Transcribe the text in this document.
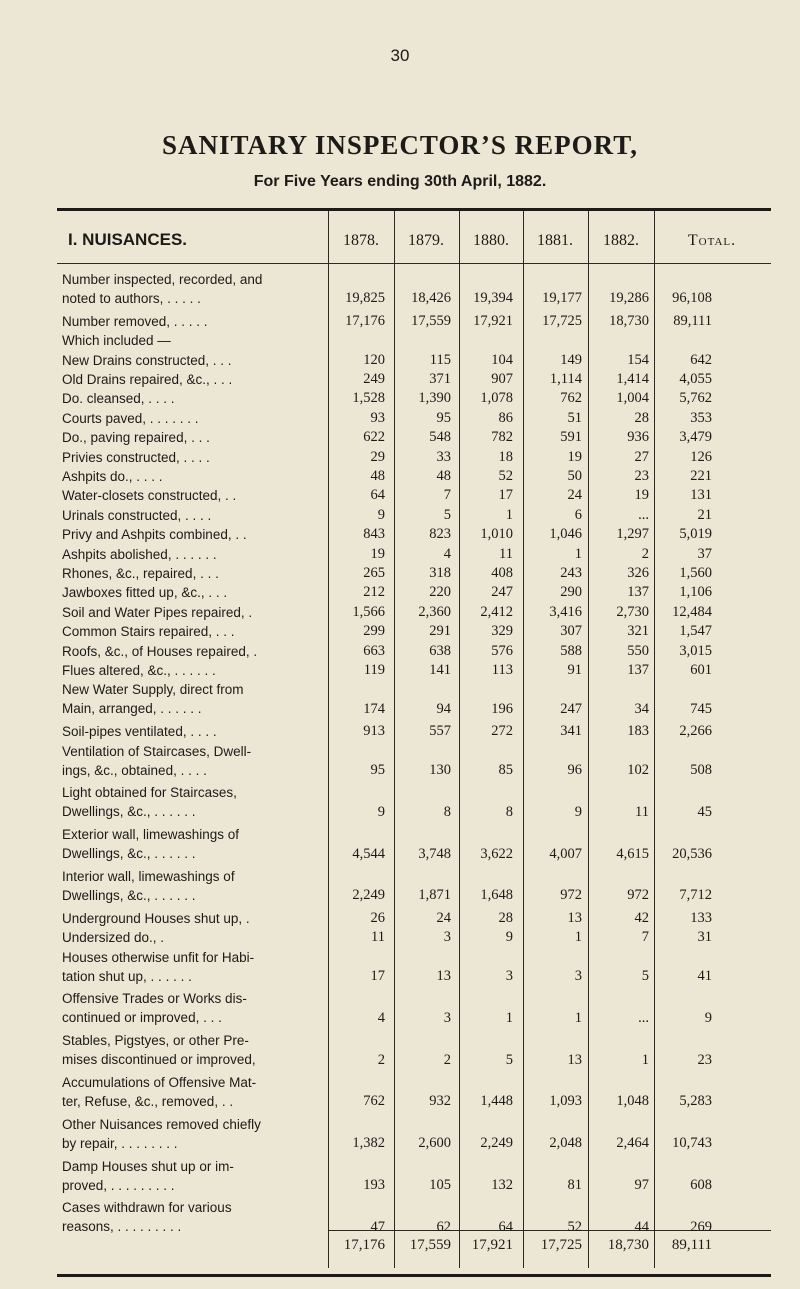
30
SANITARY INSPECTOR’S REPORT,
For Five Years ending 30th April, 1882.
I. NUISANCES.	1878.	1879.	1880.	1881.	1882.	Total.
Number inspected, recorded, and
noted to authors, . . . . .	19,825	18,426	19,394	19,177	19,286	96,108
Number removed, . . . . .	17,176	17,559	17,921	17,725	18,730	89,111
Which included —
New Drains constructed, . . .	120	115	104	149	154	642
Old Drains repaired, &c., . . .	249	371	907	1,114	1,414	4,055
Do. cleansed, . . . .	1,528	1,390	1,078	762	1,004	5,762
Courts paved, . . . . . . .	93	95	86	51	28	353
Do., paving repaired, . . .	622	548	782	591	936	3,479
Privies constructed, . . . .	29	33	18	19	27	126
Ashpits do., . . . .	48	48	52	50	23	221
Water-closets constructed, . .	64	7	17	24	19	131
Urinals constructed, . . . .	9	5	1	6	...	21
Privy and Ashpits combined, . .	843	823	1,010	1,046	1,297	5,019
Ashpits abolished, . . . . . .	19	4	11	1	2	37
Rhones, &c., repaired, . . .	265	318	408	243	326	1,560
Jawboxes fitted up, &c., . . .	212	220	247	290	137	1,106
Soil and Water Pipes repaired, .	1,566	2,360	2,412	3,416	2,730	12,484
Common Stairs repaired, . . .	299	291	329	307	321	1,547
Roofs, &c., of Houses repaired, .	663	638	576	588	550	3,015
Flues altered, &c., . . . . . .	119	141	113	91	137	601
New Water Supply, direct from
Main, arranged, . . . . . .	174	94	196	247	34	745
Soil-pipes ventilated, . . . .	913	557	272	341	183	2,266
Ventilation of Staircases, Dwell-
ings, &c., obtained, . . . .	95	130	85	96	102	508
Light obtained for Staircases,
Dwellings, &c., . . . . . .	9	8	8	9	11	45
Exterior wall, limewashings of
Dwellings, &c., . . . . . .	4,544	3,748	3,622	4,007	4,615	20,536
Interior wall, limewashings of
Dwellings, &c., . . . . . .	2,249	1,871	1,648	972	972	7,712
Underground Houses shut up, .	26	24	28	13	42	133
Undersized do., .	11	3	9	1	7	31
Houses otherwise unfit for Habi-
tation shut up, . . . . . .	17	13	3	3	5	41
Offensive Trades or Works dis-
continued or improved, . . .	4	3	1	1	...	9
Stables, Pigstyes, or other Pre-
mises discontinued or improved,	2	2	5	13	1	23
Accumulations of Offensive Mat-
ter, Refuse, &c., removed, . .	762	932	1,448	1,093	1,048	5,283
Other Nuisances removed chiefly
by repair, . . . . . . . .	1,382	2,600	2,249	2,048	2,464	10,743
Damp Houses shut up or im-
proved, . . . . . . . . .	193	105	132	81	97	608
Cases withdrawn for various
reasons, . . . . . . . . .	47	62	64	52	44	269
17,176	17,559	17,921	17,725	18,730	89,111
